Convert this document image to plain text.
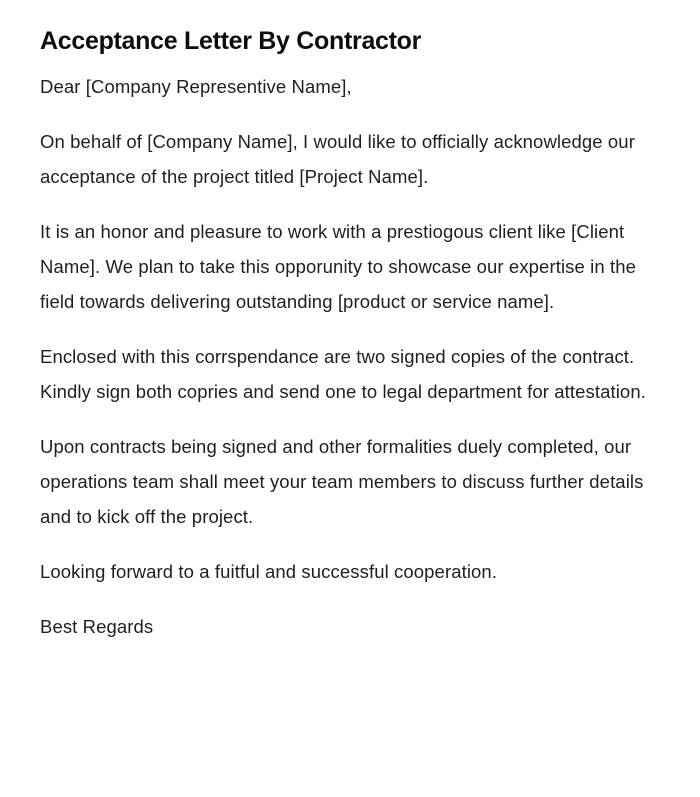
Acceptance Letter By Contractor

Dear [Company Representive Name],

On behalf of [Company Name], I would like to officially acknowledge our acceptance of the project titled [Project Name].

It is an honor and pleasure to work with a prestiogous client like [Client Name]. We plan to take this opporunity to showcase our expertise in the field towards delivering outstanding [product or service name].

Enclosed with this corrspendance are two signed copies of the contract. Kindly sign both copries and send one to legal department for attestation.

Upon contracts being signed and other formalities duely completed, our operations team shall meet your team members to discuss further details and to kick off the project.

Looking forward to a fuitful and successful cooperation.

Best Regards
